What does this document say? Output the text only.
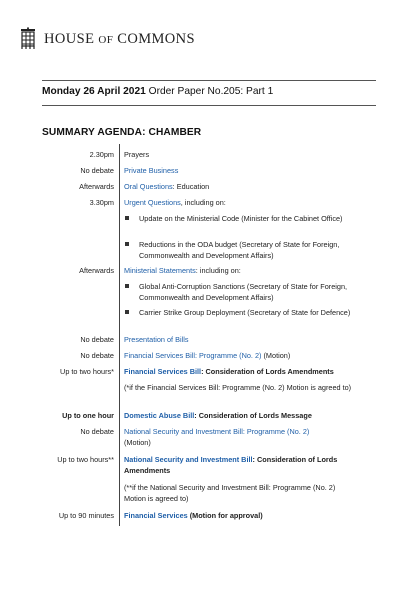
HOUSE OF COMMONS
Monday 26 April 2021 Order Paper No.205: Part 1
SUMMARY AGENDA: CHAMBER
2.30pm Prayers
No debate Private Business
Afterwards Oral Questions: Education
3.30pm Urgent Questions, including on:
Update on the Ministerial Code (Minister for the Cabinet Office)
Reductions in the ODA budget (Secretary of State for Foreign, Commonwealth and Development Affairs)
Afterwards Ministerial Statements: including on:
Global Anti-Corruption Sanctions (Secretary of State for Foreign, Commonwealth and Development Affairs)
Carrier Strike Group Deployment (Secretary of State for Defence)
No debate Presentation of Bills
No debate Financial Services Bill: Programme (No. 2) (Motion)
Up to two hours* Financial Services Bill: Consideration of Lords Amendments
(*if the Financial Services Bill: Programme (No. 2) Motion is agreed to)
Up to one hour Domestic Abuse Bill: Consideration of Lords Message
No debate National Security and Investment Bill: Programme (No. 2)
(Motion)
Up to two hours** National Security and Investment Bill: Consideration of Lords Amendments
(**if the National Security and Investment Bill: Programme (No. 2) Motion is agreed to)
Up to 90 minutes Financial Services (Motion for approval)
